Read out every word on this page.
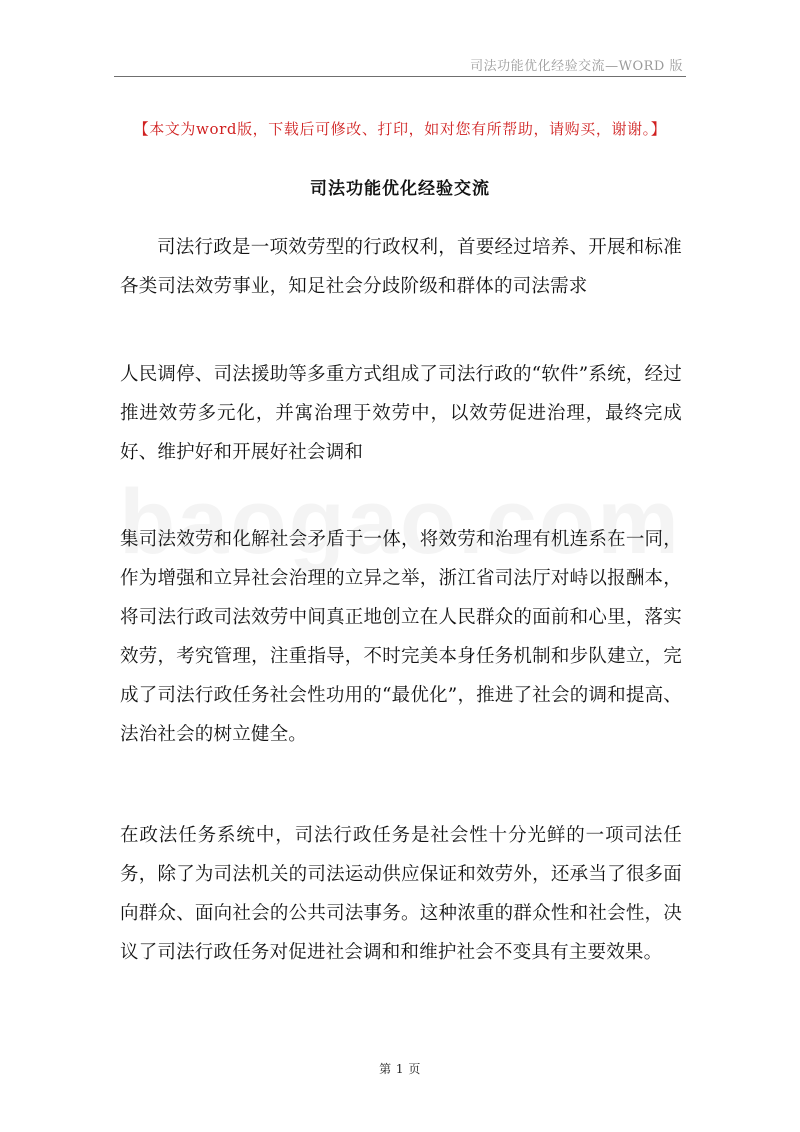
司法功能优化经验交流—WORD 版
【本文为word版，下载后可修改、打印，如对您有所帮助，请购买，谢谢。】
司法功能优化经验交流

司法行政是一项效劳型的行政权利，首要经过培养、开展和标准各类司法效劳事业，知足社会分歧阶级和群体的司法需求

人民调停、司法援助等多重方式组成了司法行政的“软件”系统，经过推进效劳多元化，并寓治理于效劳中，以效劳促进治理，最终完成好、维护好和开展好社会调和

集司法效劳和化解社会矛盾于一体，将效劳和治理有机连系在一同，作为增强和立异社会治理的立异之举，浙江省司法厅对峙以报酬本，将司法行政司法效劳中间真正地创立在人民群众的面前和心里，落实效劳，考究管理，注重指导，不时完美本身任务机制和步队建立，完成了司法行政任务社会性功用的“最优化”，推进了社会的调和提高、法治社会的树立健全。

在政法任务系统中，司法行政任务是社会性十分光鲜的一项司法任务，除了为司法机关的司法运动供应保证和效劳外，还承当了很多面向群众、面向社会的公共司法事务。这种浓重的群众性和社会性，决议了司法行政任务对促进社会调和和维护社会不变具有主要效果。

第 1 页
